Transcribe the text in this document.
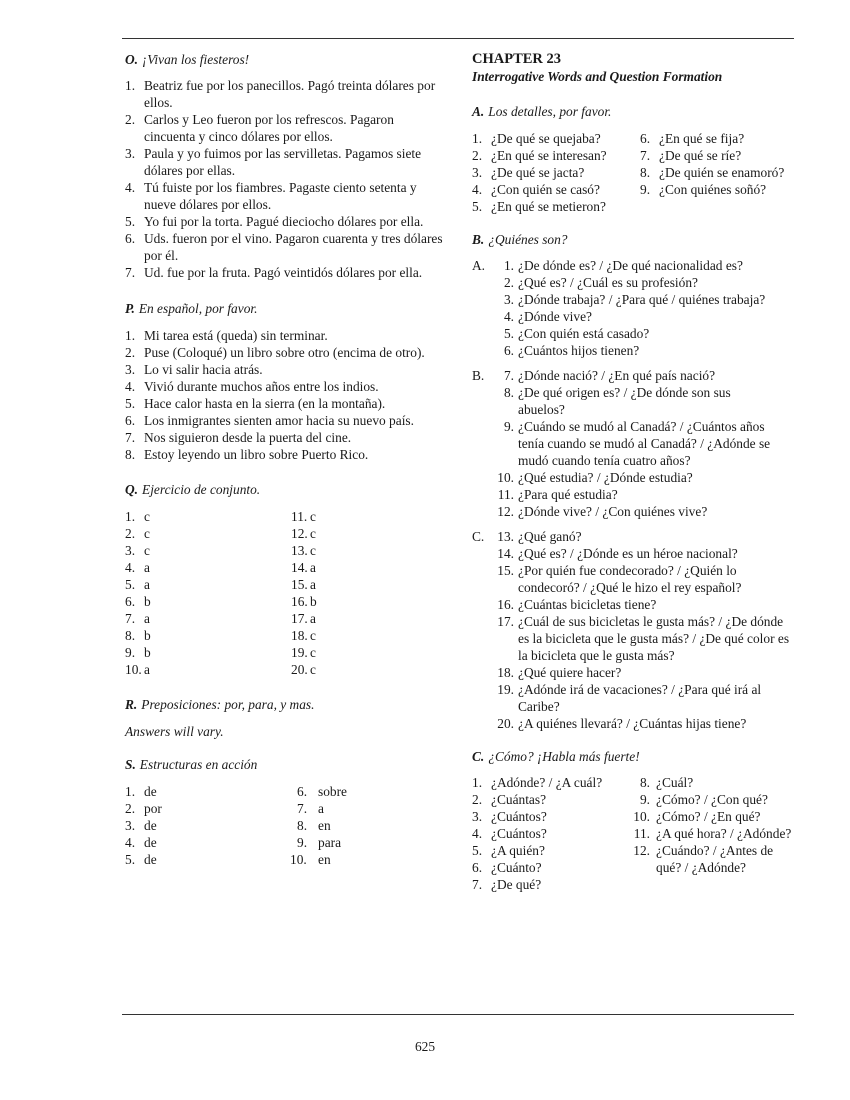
O. ¡Vivan los fiesteros!
1. Beatriz fue por los panecillos. Pagó treinta dólares por ellos.
2. Carlos y Leo fueron por los refrescos. Pagaron cincuenta y cinco dólares por ellos.
3. Paula y yo fuimos por las servilletas. Pagamos siete dólares por ellas.
4. Tú fuiste por los fiambres. Pagaste ciento setenta y nueve dólares por ellos.
5. Yo fui por la torta. Pagué dieciocho dólares por ella.
6. Uds. fueron por el vino. Pagaron cuarenta y tres dólares por él.
7. Ud. fue por la fruta. Pagó veintidós dólares por ella.
P. En español, por favor.
1. Mi tarea está (queda) sin terminar.
2. Puse (Coloqué) un libro sobre otro (encima de otro).
3. Lo vi salir hacia atrás.
4. Vivió durante muchos años entre los indios.
5. Hace calor hasta en la sierra (en la montaña).
6. Los inmigrantes sienten amor hacia su nuevo país.
7. Nos siguieron desde la puerta del cine.
8. Estoy leyendo un libro sobre Puerto Rico.
Q. Ejercicio de conjunto.
1. c
2. c
3. c
4. a
5. a
6. b
7. a
8. b
9. b
10. a
11. c
12. c
13. c
14. a
15. a
16. b
17. a
18. c
19. c
20. c
R. Preposiciones: por, para, y mas.
Answers will vary.
S. Estructuras en acción
1. de
2. por
3. de
4. de
5. de
6. sobre
7. a
8. en
9. para
10. en
CHAPTER 23
Interrogative Words and Question Formation
A. Los detalles, por favor.
1. ¿De qué se quejaba?
2. ¿En qué se interesan?
3. ¿De qué se jacta?
4. ¿Con quién se casó?
5. ¿En qué se metieron?
6. ¿En qué se fija?
7. ¿De qué se ríe?
8. ¿De quién se enamoró?
9. ¿Con quiénes soñó?
B. ¿Quiénes son?
A. 1. ¿De dónde es? / ¿De qué nacionalidad es?
2. ¿Qué es? / ¿Cuál es su profesión?
3. ¿Dónde trabaja? / ¿Para qué / quiénes trabaja?
4. ¿Dónde vive?
5. ¿Con quién está casado?
6. ¿Cuántos hijos tienen?
B. 7. ¿Dónde nació? / ¿En qué país nació?
8. ¿De qué origen es? / ¿De dónde son sus abuelos?
9. ¿Cuándo se mudó al Canadá? / ¿Cuántos años tenía cuando se mudó al Canadá? / ¿Adónde se mudó cuando tenía cuatro años?
10. ¿Qué estudia? / ¿Dónde estudia?
11. ¿Para qué estudia?
12. ¿Dónde vive? / ¿Con quiénes vive?
C. 13. ¿Qué ganó?
14. ¿Qué es? / ¿Dónde es un héroe nacional?
15. ¿Por quién fue condecorado? / ¿Quién lo condecoró? / ¿Qué le hizo el rey español?
16. ¿Cuántas bicicletas tiene?
17. ¿Cuál de sus bicicletas le gusta más? / ¿De dónde es la bicicleta que le gusta más? / ¿De qué color es la bicicleta que le gusta más?
18. ¿Qué quiere hacer?
19. ¿Adónde irá de vacaciones? / ¿Para qué irá al Caribe?
20. ¿A quiénes llevará? / ¿Cuántas hijas tiene?
C. ¿Cómo? ¡Habla más fuerte!
1. ¿Adónde? / ¿A cuál?
2. ¿Cuántas?
3. ¿Cuántos?
4. ¿Cuántos?
5. ¿A quién?
6. ¿Cuánto?
7. ¿De qué?
8. ¿Cuál?
9. ¿Cómo? / ¿Con qué?
10. ¿Cómo? / ¿En qué?
11. ¿A qué hora? / ¿Adónde?
12. ¿Cuándo? / ¿Antes de qué? / ¿Adónde?
625
